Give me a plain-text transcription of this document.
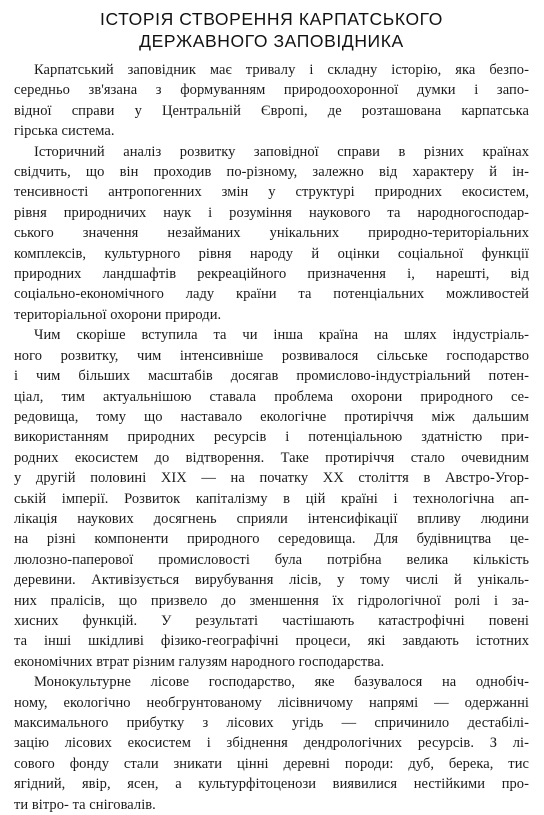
ІСТОРІЯ СТВОРЕННЯ КАРПАТСЬКОГО
ДЕРЖАВНОГО ЗАПОВІДНИКА

Карпатський заповідник має тривалу і складну історію, яка безпо-
середньо зв'язана з формуванням природоохоронної думки і запо-
відної справи у Центральній Європі, де розташована карпатська
гірська система.

Історичний аналіз розвитку заповідної справи в різних країнах
свідчить, що він проходив по-різному, залежно від характеру й ін-
тенсивності антропогенних змін у структурі природних екосистем,
рівня природничих наук і розуміння наукового та народногосподар-
ського значення незаймaних унікальних природно-територіальних
комплексів, культурного рівня народу й оцінки соціальної функції
природних ландшафтів рекреаційного призначення і, нарешті, від
соціально-економічного ладу країни та потенціальних можливостей
територіальної охорони природи.

Чим скоріше вступила та чи інша країна на шлях індустріаль-
ного розвитку, чим інтенсивніше розвивалося сільське господарство
і чим більших масштабів досягав промислово-індустріальний потен-
ціал, тим актуальнішою ставала проблема охорони природного се-
редовища, тому що наставало екологічне протиріччя між дальшим
використанням природних ресурсів і потенціальною здатністю при-
родних екосистем до відтворення. Таке протиріччя стало очевидним
у другій половині XIX — на початку XX століття в Австро-Угор-
ській імперії. Розвиток капіталізму в цій країні і технологічна ап-
лікація наукових досягнень сприяли інтенсифікації впливу людини
на різні компоненти природного середовища. Для будівництва це-
люлозно-паперової промисловості була потрібна велика кількість
деревини. Активізується вирубування лісів, у тому числі й унікаль-
них пралісів, що призвело до зменшення їх гідрологічної ролі і за-
хисних функцій. У результаті частішають катастрофічні повені
та інші шкідливі фізико-географічні процеси, які завдають істотних
економічних втрат різним галузям народного господарства.

Монокультурне лісове господарство, яке базувалося на однобіч-
ному, екологічно необгрунтованому лісівничому напрямі — одержанні
максимального прибутку з лісових угідь — спричинило дестабілі-
зацію лісових екосистем і збіднення дендрологічних ресурсів. З лі-
сового фонду стали зникати цінні деревні породи: дуб, берека, тис
ягідний, явір, ясен, а культурфітоценози виявилися нестійкими про-
ти вітро- та сніговалів.
